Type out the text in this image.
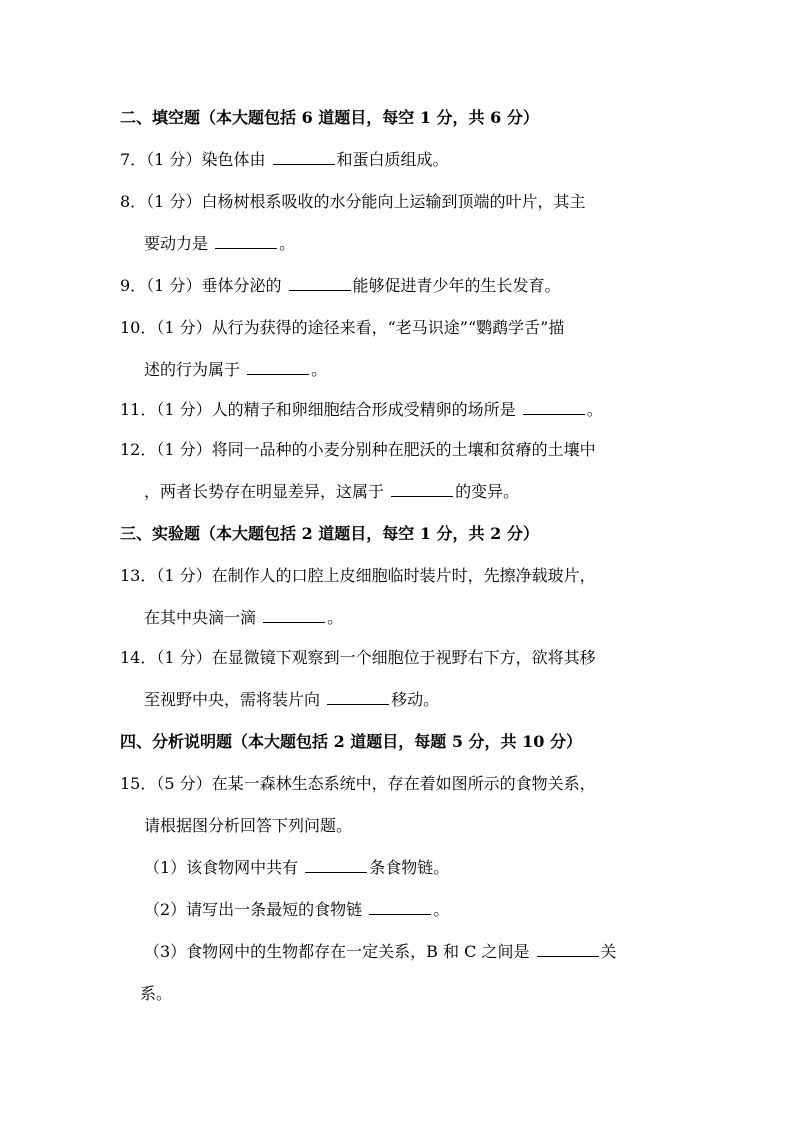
二、填空题（本大题包括 6 道题目，每空 1 分，共 6 分）
7．（1 分）染色体由	和蛋白质组成。
8．（1 分）白杨树根系吸收的水分能向上运输到顶端的叶片，其主
要动力是	。
9．（1 分）垂体分泌的	能够促进青少年的生长发育。
10．（1 分）从行为获得的途径来看，“老马识途”“鹦鹉学舌”描
述的行为属于	。
11．（1 分）人的精子和卵细胞结合形成受精卵的场所是	。
12．（1 分）将同一品种的小麦分别种在肥沃的土壤和贫瘠的土壤中
，两者长势存在明显差异，这属于	的变异。
三、实验题（本大题包括 2 道题目，每空 1 分，共 2 分）
13．（1 分）在制作人的口腔上皮细胞临时装片时，先擦净载玻片，
在其中央滴一滴	。
14．（1 分）在显微镜下观察到一个细胞位于视野右下方，欲将其移
至视野中央，需将装片向	移动。
四、分析说明题（本大题包括 2 道题目，每题 5 分，共 10 分）
15．（5 分）在某一森林生态系统中，存在着如图所示的食物关系，
请根据图分析回答下列问题。
（1）该食物网中共有	条食物链。
（2）请写出一条最短的食物链	。
（3）食物网中的生物都存在一定关系，B 和 C 之间是	关
系。
